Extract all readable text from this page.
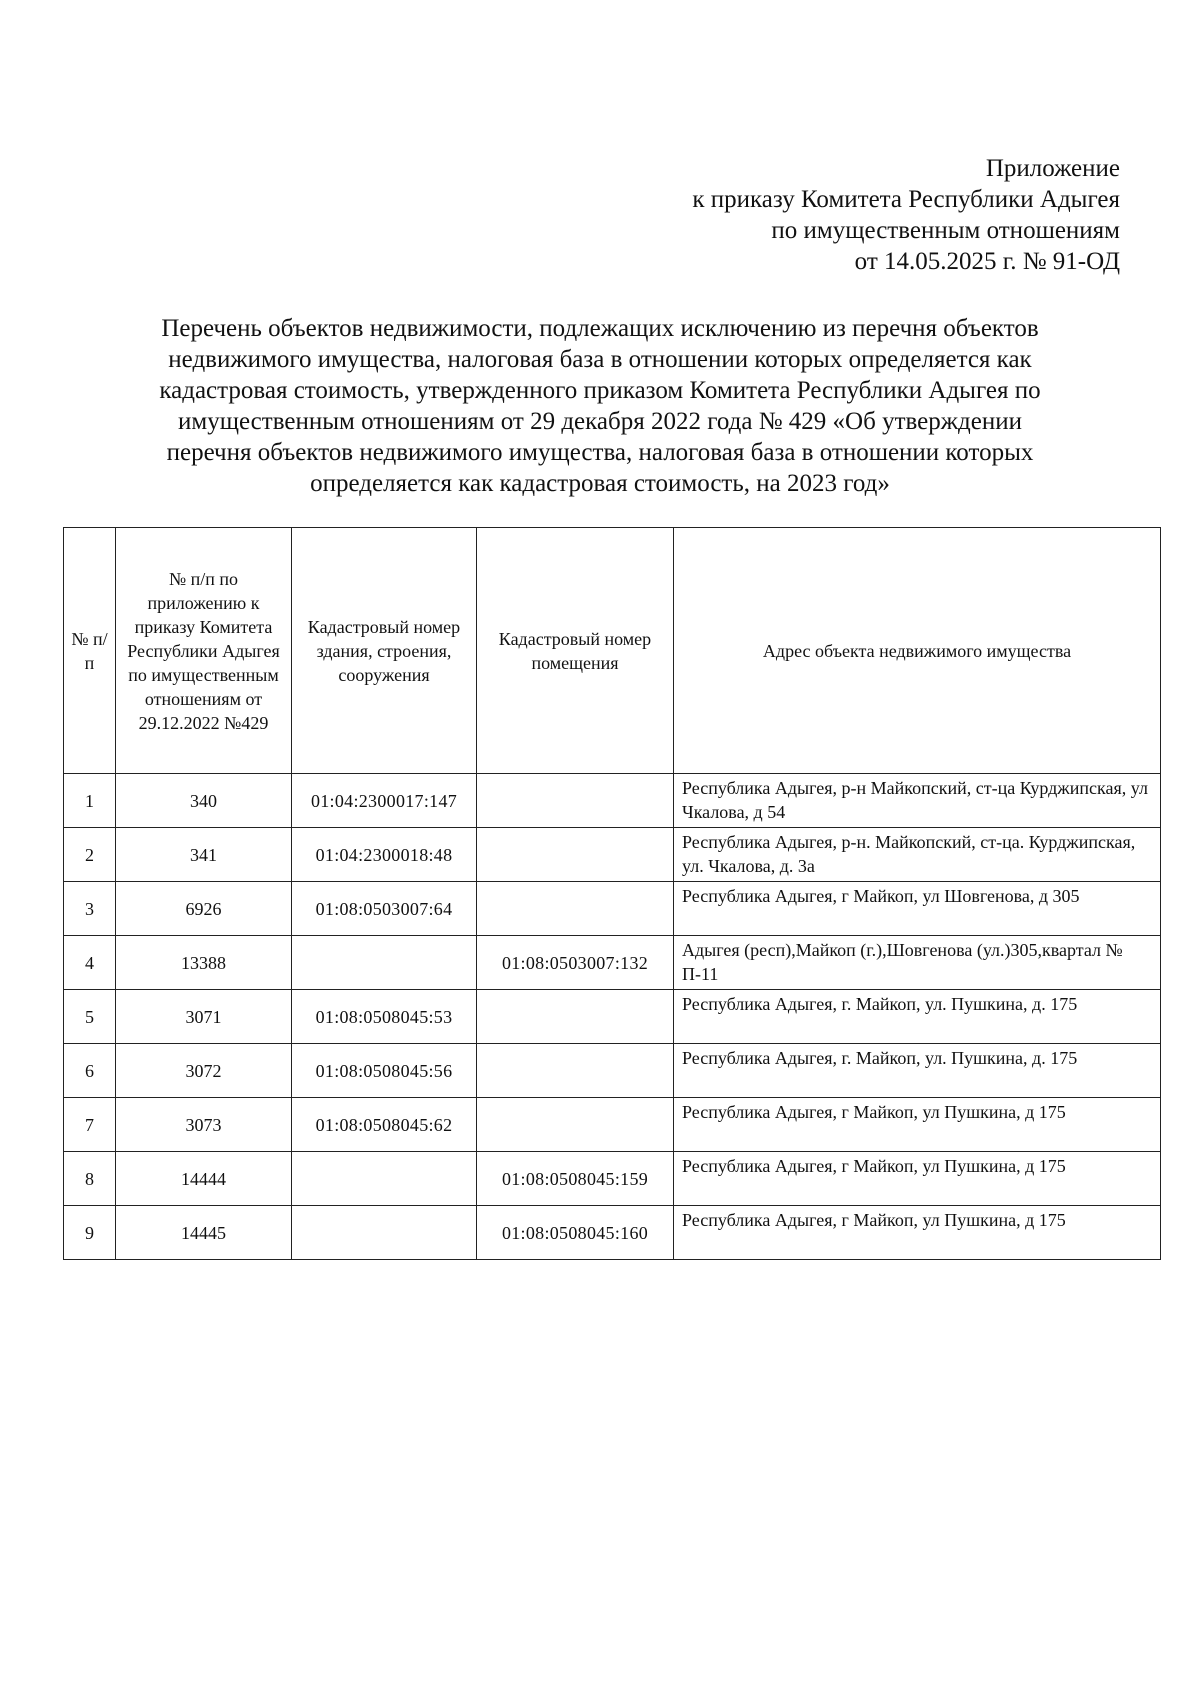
Приложение
к приказу Комитета Республики Адыгея
по имущественным отношениям
от 14.05.2025 г. № 91-ОД
Перечень объектов недвижимости, подлежащих исключению из перечня объектов
недвижимого имущества, налоговая база в отношении которых определяется как
кадастровая стоимость, утвержденного приказом Комитета Республики Адыгея по
имущественным отношениям от 29 декабря 2022 года № 429 «Об утверждении
перечня объектов недвижимого имущества, налоговая база в отношении которых
определяется как кадастровая стоимость, на 2023 год»
№ п/п	№ п/п по приложению к приказу Комитета Республики Адыгея по имущественным отношениям от 29.12.2022 №429	Кадастровый номер здания, строения, сооружения	Кадастровый номер помещения	Адрес объекта недвижимого имущества
1	340	01:04:2300017:147		Республика Адыгея, р-н Майкопский, ст-ца Курджипская, ул Чкалова, д 54
2	341	01:04:2300018:48		Республика Адыгея, р-н. Майкопский, ст-ца. Курджипская, ул. Чкалова, д. 3а
3	6926	01:08:0503007:64		Республика Адыгея, г Майкоп, ул Шовгенова, д 305
4	13388		01:08:0503007:132	Адыгея (респ),Майкоп (г.),Шовгенова (ул.)305,квартал № П-11
5	3071	01:08:0508045:53		Республика Адыгея, г. Майкоп, ул. Пушкина, д. 175
6	3072	01:08:0508045:56		Республика Адыгея, г. Майкоп, ул. Пушкина, д. 175
7	3073	01:08:0508045:62		Республика Адыгея, г Майкоп, ул Пушкина, д 175
8	14444		01:08:0508045:159	Республика Адыгея, г Майкоп, ул Пушкина, д 175
9	14445		01:08:0508045:160	Республика Адыгея, г Майкоп, ул Пушкина, д 175
